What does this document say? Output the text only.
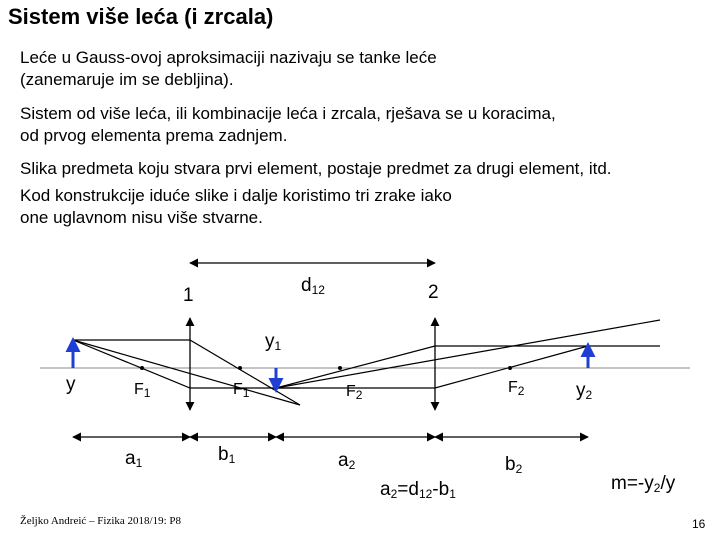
Sistem više leća (i zrcala)
Leće u Gauss-ovoj aproksimaciji nazivaju se tanke leće
(zanemaruje im se debljina).
Sistem od više leća, ili kombinacije leća i zrcala, rješava se u koracima,
od prvog elementa prema zadnjem.
Slika predmeta koju stvara prvi element, postaje predmet za drugi element, itd.
Kod konstrukcije iduće slike i dalje koristimo tri zrake iako
one uglavnom nisu više stvarne.
1	2
$d_{12}$
$y_1$
y	$y_2$
$F_1$	$F_1$	$F_2$	$F_2$
$a_1$	$b_1$	$a_2$	$b_2$
$a_2=d_{12}-b_1$	$m=-y_2/y$
Željko Andreić – Fizika 2018/19: P8	16
